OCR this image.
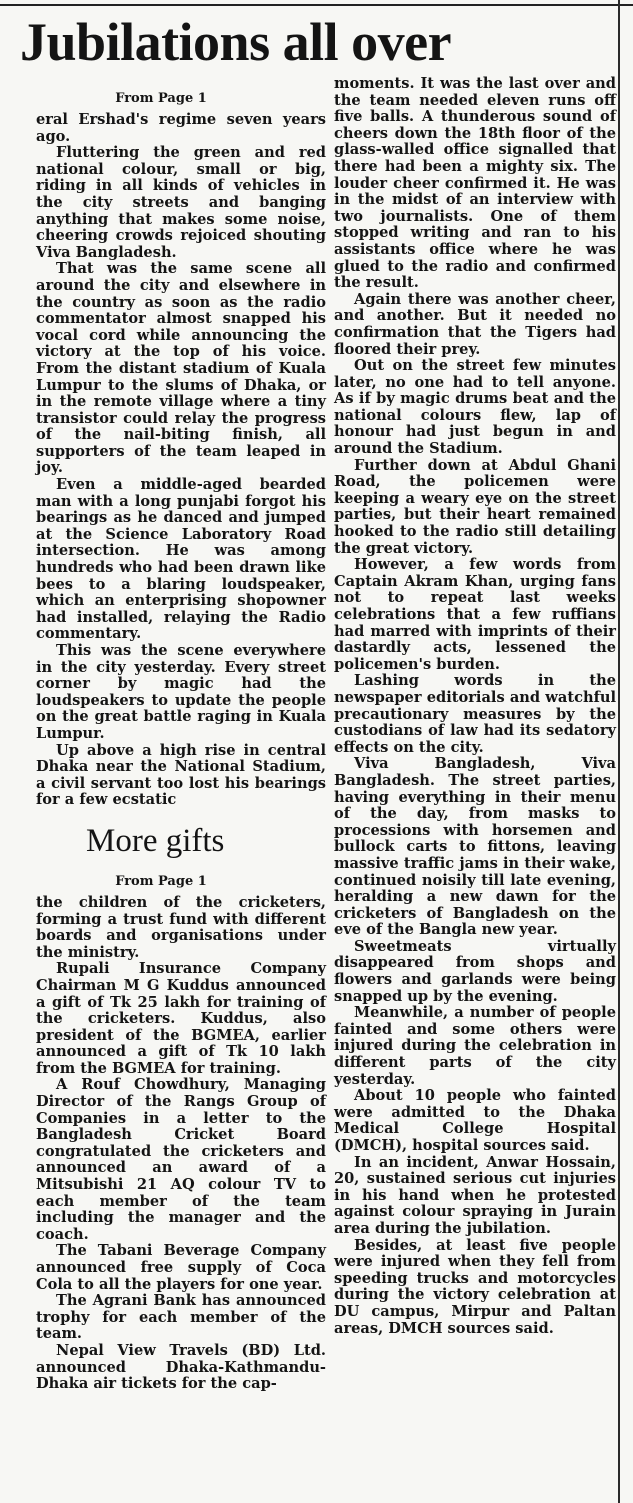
Jubilations all over
From Page 1

eral Ershad's regime seven years ago.

Fluttering the green and red national colour, small or big, riding in all kinds of vehicles in the city streets and banging anything that makes some noise, cheering crowds rejoiced shouting Viva Bangladesh.

That was the same scene all around the city and elsewhere in the country as soon as the radio commentator almost snapped his vocal cord while announcing the victory at the top of his voice. From the distant stadium of Kuala Lumpur to the slums of Dhaka, or in the remote village where a tiny transistor could relay the progress of the nail-biting finish, all supporters of the team leaped in joy.

Even a middle-aged bearded man with a long punjabi forgot his bearings as he danced and jumped at the Science Laboratory Road intersection. He was among hundreds who had been drawn like bees to a blaring loudspeaker, which an enterprising shopowner had installed, relaying the Radio commentary.

This was the scene everywhere in the city yesterday. Every street corner by magic had the loudspeakers to update the people on the great battle raging in Kuala Lumpur.

Up above a high rise in central Dhaka near the National Stadium, a civil servant too lost his bearings for a few ecstatic

More gifts
From Page 1

the children of the cricketers, forming a trust fund with different boards and organisations under the ministry.

Rupali Insurance Company Chairman M G Kuddus announced a gift of Tk 25 lakh for training of the cricketers. Kuddus, also president of the BGMEA, earlier announced a gift of Tk 10 lakh from the BGMEA for training.

A Rouf Chowdhury, Managing Director of the Rangs Group of Companies in a letter to the Bangladesh Cricket Board congratulated the cricketers and announced an award of a Mitsubishi 21 AQ colour TV to each member of the team including the manager and the coach.

The Tabani Beverage Company announced free supply of Coca Cola to all the players for one year.

The Agrani Bank has announced trophy for each member of the team.

Nepal View Travels (BD) Ltd. announced Dhaka-Kathmandu-Dhaka air tickets for the cap-

moments. It was the last over and the team needed eleven runs off five balls. A thunderous sound of cheers down the 18th floor of the glass-walled office signalled that there had been a mighty six. The louder cheer confirmed it. He was in the midst of an interview with two journalists. One of them stopped writing and ran to his assistants office where he was glued to the radio and confirmed the result.

Again there was another cheer, and another. But it needed no confirmation that the Tigers had floored their prey.

Out on the street few minutes later, no one had to tell anyone. As if by magic drums beat and the national colours flew, lap of honour had just begun in and around the Stadium.

Further down at Abdul Ghani Road, the policemen were keeping a weary eye on the street parties, but their heart remained hooked to the radio still detailing the great victory.

However, a few words from Captain Akram Khan, urging fans not to repeat last weeks celebrations that a few ruffians had marred with imprints of their dastardly acts, lessened the policemen's burden.

Lashing words in the newspaper editorials and watchful precautionary measures by the custodians of law had its sedatory effects on the city.

Viva Bangladesh, Viva Bangladesh. The street parties, having everything in their menu of the day, from masks to processions with horsemen and bullock carts to fittons, leaving massive traffic jams in their wake, continued noisily till late evening, heralding a new dawn for the cricketers of Bangladesh on the eve of the Bangla new year.

Sweetmeats virtually disappeared from shops and flowers and garlands were being snapped up by the evening.

Meanwhile, a number of people fainted and some others were injured during the celebration in different parts of the city yesterday.

About 10 people who fainted were admitted to the Dhaka Medical College Hospital (DMCH), hospital sources said.

In an incident, Anwar Hossain, 20, sustained serious cut injuries in his hand when he protested against colour spraying in Jurain area during the jubilation.

Besides, at least five people were injured when they fell from speeding trucks and motorcycles during the victory celebration at DU campus, Mirpur and Paltan areas, DMCH sources said.
